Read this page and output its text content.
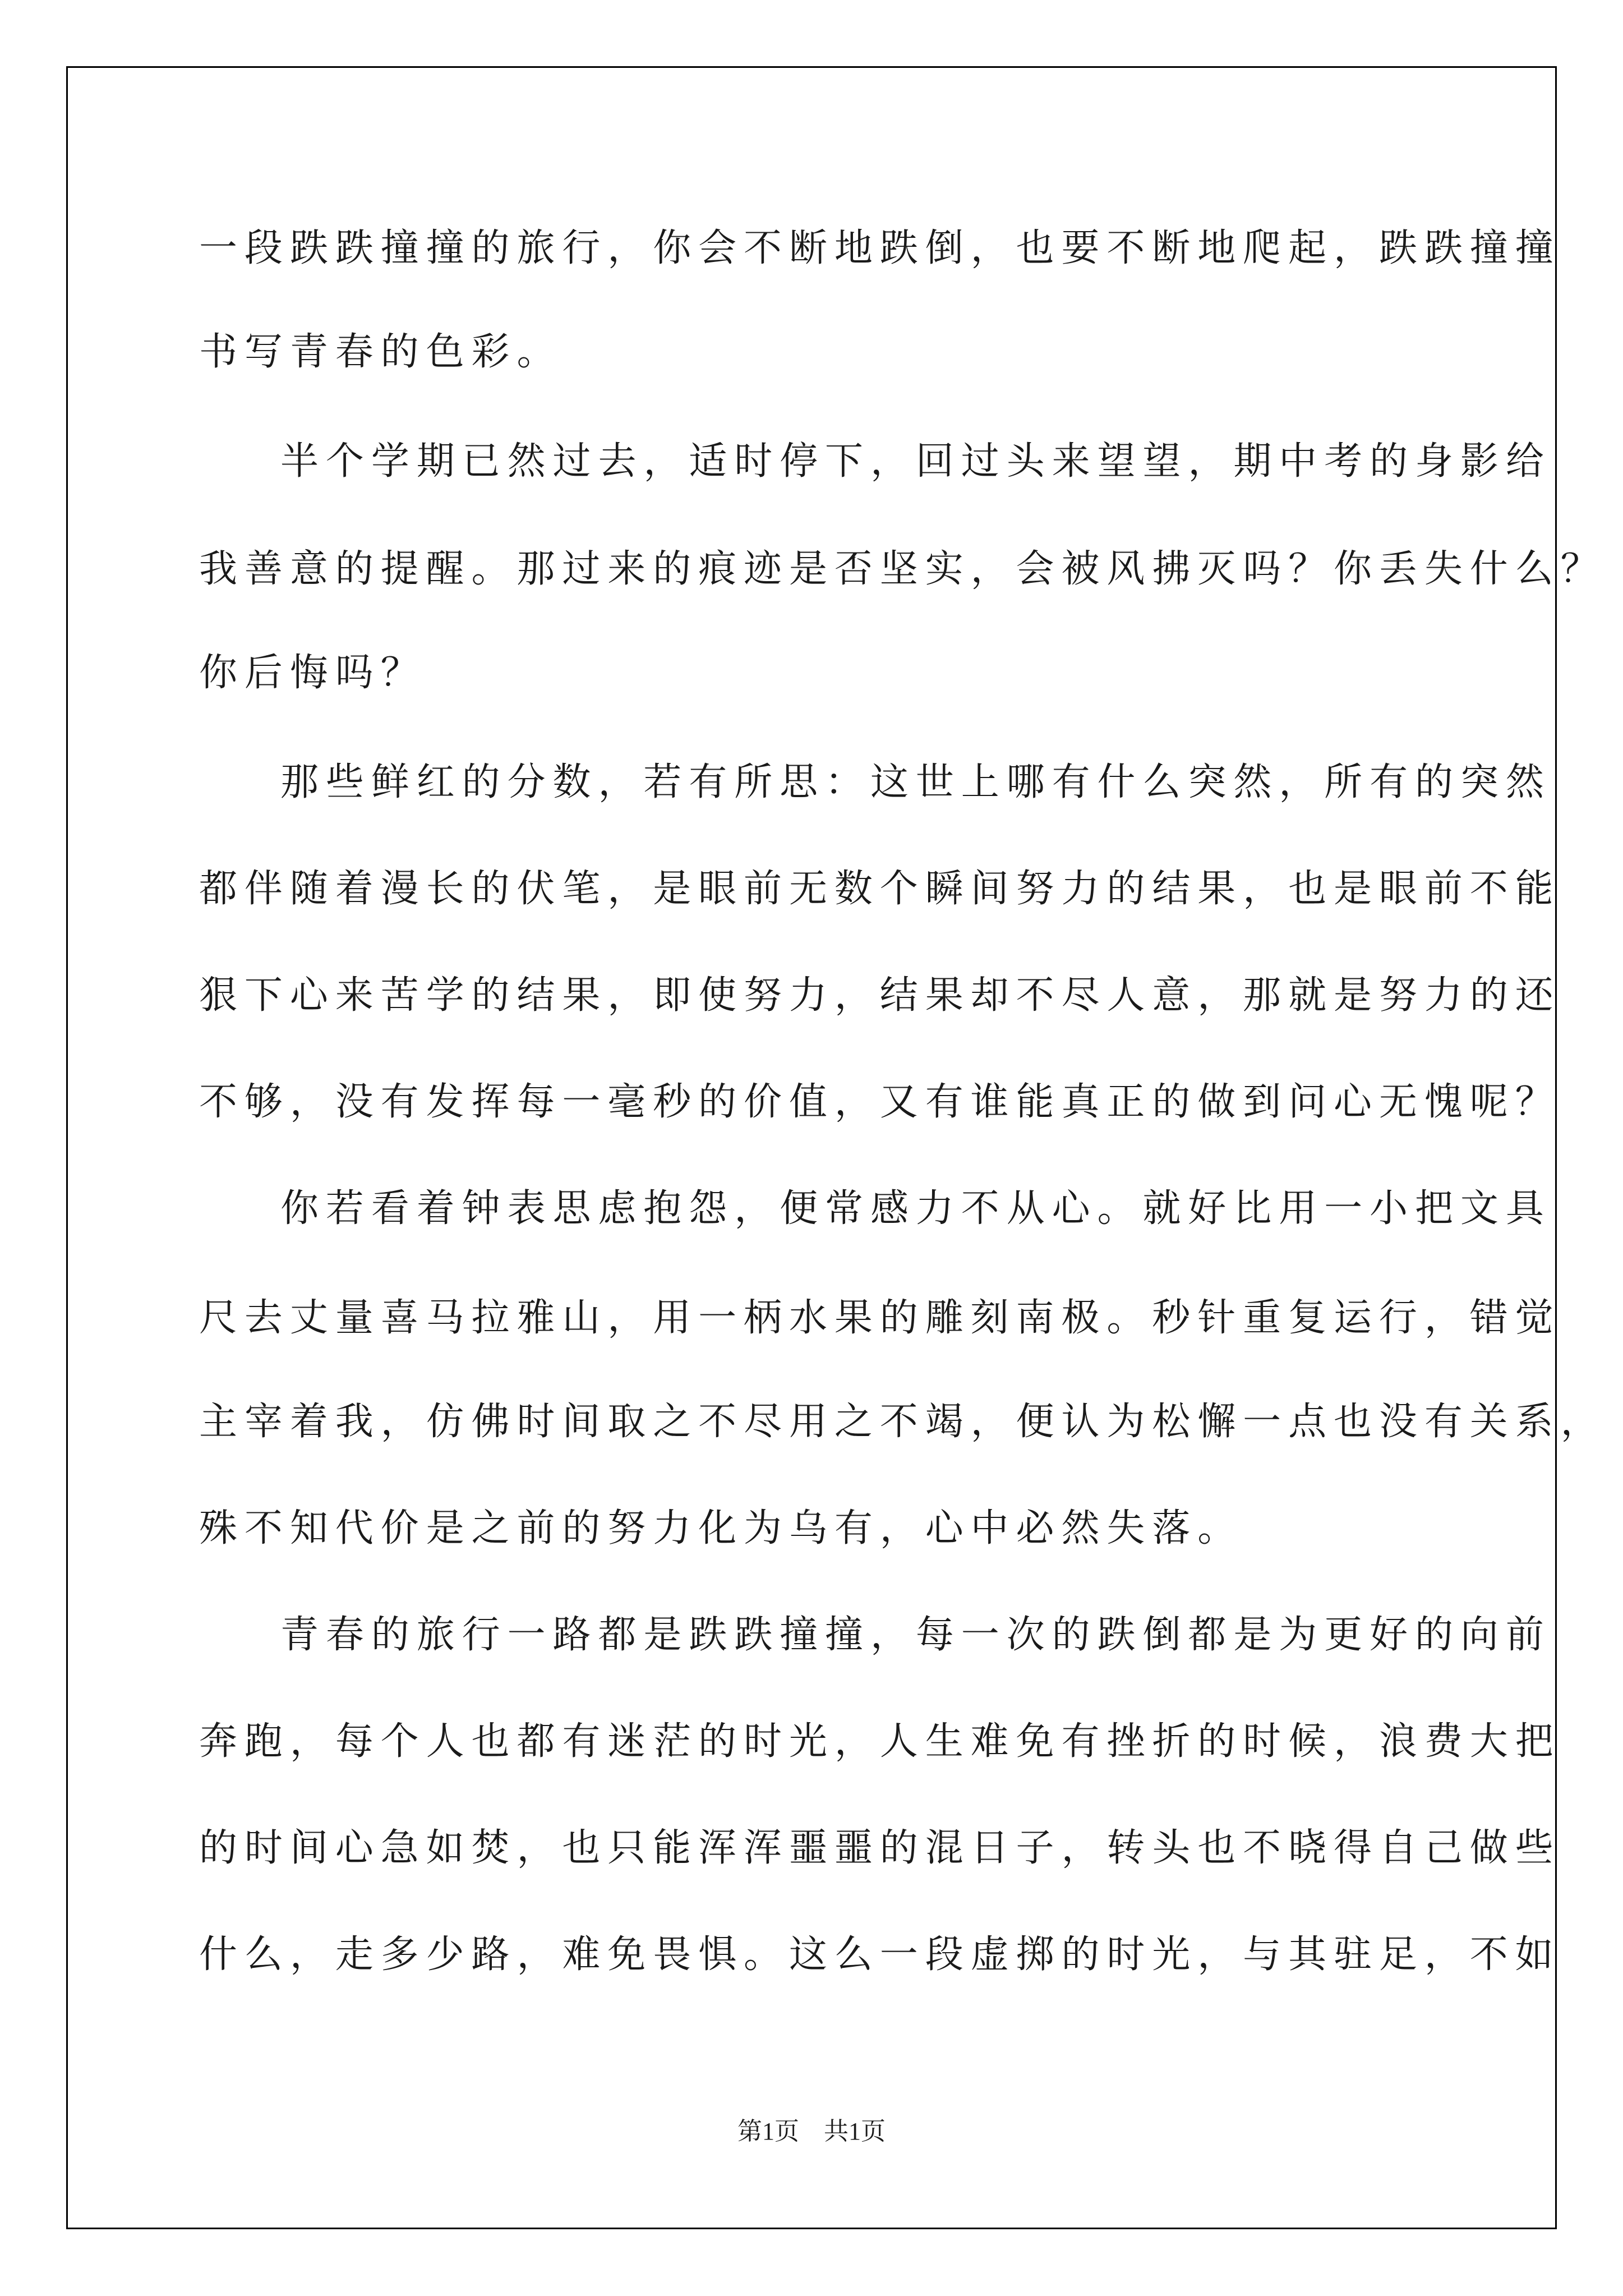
一段跌跌撞撞的旅行，你会不断地跌倒，也要不断地爬起，跌跌撞撞
书写青春的色彩。
半个学期已然过去，适时停下，回过头来望望，期中考的身影给
我善意的提醒。那过来的痕迹是否坚实，会被风拂灭吗？你丢失什么？
你后悔吗？
那些鲜红的分数，若有所思：这世上哪有什么突然，所有的突然
都伴随着漫长的伏笔，是眼前无数个瞬间努力的结果，也是眼前不能
狠下心来苦学的结果，即使努力，结果却不尽人意，那就是努力的还
不够，没有发挥每一毫秒的价值，又有谁能真正的做到问心无愧呢？
你若看着钟表思虑抱怨，便常感力不从心。就好比用一小把文具
尺去丈量喜马拉雅山，用一柄水果的雕刻南极。秒针重复运行，错觉
主宰着我，仿佛时间取之不尽用之不竭，便认为松懈一点也没有关系，
殊不知代价是之前的努力化为乌有，心中必然失落。
青春的旅行一路都是跌跌撞撞，每一次的跌倒都是为更好的向前
奔跑，每个人也都有迷茫的时光，人生难免有挫折的时候，浪费大把
的时间心急如焚，也只能浑浑噩噩的混日子，转头也不晓得自己做些
什么，走多少路，难免畏惧。这么一段虚掷的时光，与其驻足，不如
第1页　共1页
